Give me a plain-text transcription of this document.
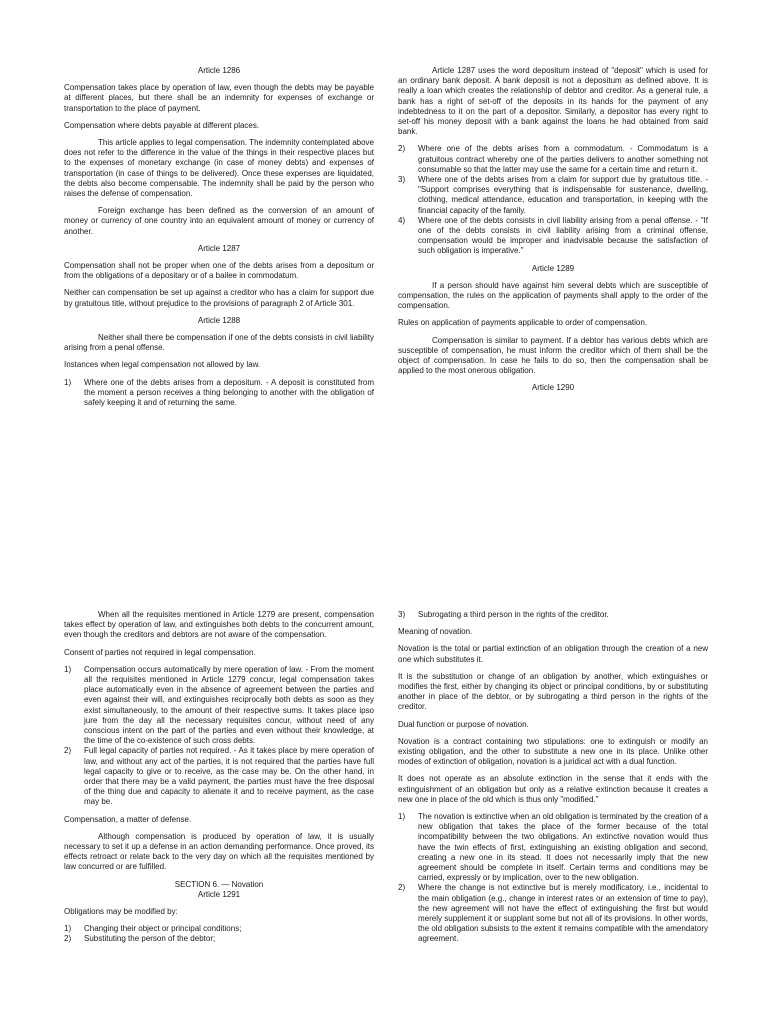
Article 1286

Compensation takes place by operation of law, even though the debts may be payable at different places, but there shall be an indemnity for expenses of exchange or transportation to the place of payment.

Compensation where debts payable at different places.

This article applies to legal compensation. The indemnity contemplated above does not refer to the difference in the value of the things in their respective places but to the expenses of monetary exchange (in case of money debts) and expenses of transportation (in case of things to be delivered). Once these expenses are liquidated, the debts also become compensable. The indemnity shall be paid by the person who raises the defense of compensation.

Foreign exchange has been defined as the conversion of an amount of money or currency of one country into an equivalent amount of money or currency of another.

Article 1287

Compensation shall not be proper when one of the debts arises from a depositum or from the obligations of a depositary or of a bailee in commodatum.

Neither can compensation be set up against a creditor who has a claim for support due by gratuitous title, without prejudice to the provisions of paragraph 2 of Article 301.

Article 1288

Neither shall there be compensation if one of the debts consists in civil liability arising from a penal offense.

Instances when legal compensation not allowed by law.

1) Where one of the debts arises from a depositum. - A deposit is constituted from the moment a person receives a thing belonging to another with the obligation of safely keeping it and of returning the same.

Article 1287 uses the word depositum instead of "deposit" which is used for an ordinary bank deposit. A bank deposit is not a depositum as defined above. It is really a loan which creates the relationship of debtor and creditor. As a general rule, a bank has a right of set-off of the deposits in its hands for the payment of any indebtedness to it on the part of a depositor. Similarly, a depositor has every right to set-off his money deposit with a bank against the loans he had obtained from said bank.

2) Where one of the debts arises from a commodatum. - Commodatum is a gratuitous contract whereby one of the parties delivers to another something not consumable so that the latter may use the same for a certain time and return it.
3) Where one of the debts arises from a claim for support due by gratuitous title. - "Support comprises everything that is indispensable for sustenance, dwelling, clothing, medical attendance, education and transportation, in keeping with the financial capacity of the family.
4) Where one of the debts consists in civil liability arising from a penal offense. - "If one of the debts consists in civil liability arising from a criminal offense, compensation would be improper and inadvisable because the satisfaction of such obligation is imperative."

Article 1289

If a person should have against him several debts which are susceptible of compensation, the rules on the application of payments shall apply to the order of the compensation.

Rules on application of payments applicable to order of compensation.

Compensation is similar to payment. If a debtor has various debts which are susceptible of compensation, he must inform the creditor which of them shall be the object of compensation. In case he fails to do so, then the compensation shall be applied to the most onerous obligation.

Article 1290

When all the requisites mentioned in Article 1279 are present, compensation takes effect by operation of law, and extinguishes both debts to the concurrent amount, even though the creditors and debtors are not aware of the compensation.

Consent of parties not required in legal compensation.

1) Compensation occurs automatically by mere operation of law. - From the moment all the requisites mentioned in Article 1279 concur, legal compensation takes place automatically even in the absence of agreement between the parties and even against their will, and extinguishes reciprocally both debts as soon as they exist simultaneously, to the amount of their respective sums. It takes place ipso jure from the day all the necessary requisites concur, without need of any conscious intent on the part of the parties and even without their knowledge, at the time of the co-existence of such cross debts.
2) Full legal capacity of parties not required. - As it takes place by mere operation of law, and without any act of the parties, it is not required that the parties have full legal capacity to give or to receive, as the case may be. On the other hand, in order that there may be a valid payment, the parties must have the free disposal of the thing due and capacity to alienate it and to receive payment, as the case may be.

Compensation, a matter of defense.

Although compensation is produced by operation of law, it is usually necessary to set it up a defense in an action demanding performance. Once proved, its effects retroact or relate back to the very day on which all the requisites mentioned by law concurred or are fulfilled.

SECTION 6. — Novation

Article 1291

Obligations may be modified by:

1) Changing their object or principal conditions;
2) Substituting the person of the debtor;
3) Subrogating a third person in the rights of the creditor.

Meaning of novation.

Novation is the total or partial extinction of an obligation through the creation of a new one which substitutes it.

It is the substitution or change of an obligation by another, which extinguishes or modifies the first, either by changing its object or principal conditions, by or substituting another in place of the debtor, or by subrogating a third person in the rights of the creditor.

Dual function or purpose of novation.

Novation is a contract containing two stipulations: one to extinguish or modify an existing obligation, and the other to substitute a new one in its place. Unlike other modes of extinction of obligation, novation is a juridical act with a dual function.

It does not operate as an absolute extinction in the sense that it ends with the extinguishment of an obligation but only as a relative extinction because it creates a new one in place of the old which is thus only "modified."

1) The novation is extinctive when an old obligation is terminated by the creation of a new obligation that takes the place of the former because of the total incompatibility between the two obligations. An extinctive novation would thus have the twin effects of first, extinguishing an existing obligation and second, creating a new one in its stead. It does not necessarily imply that the new agreement should be complete in itself. Certain terms and conditions may be carried, expressly or by implication, over to the new obligation.
2) Where the change is not extinctive but is merely modificatory, i.e., incidental to the main obligation (e.g., change in interest rates or an extension of time to pay), the new agreement will not have the effect of extinguishing the first but would merely supplement it or supplant some but not all of its provisions. In other words, the old obligation subsists to the extent it remains compatible with the amendatory agreement.
